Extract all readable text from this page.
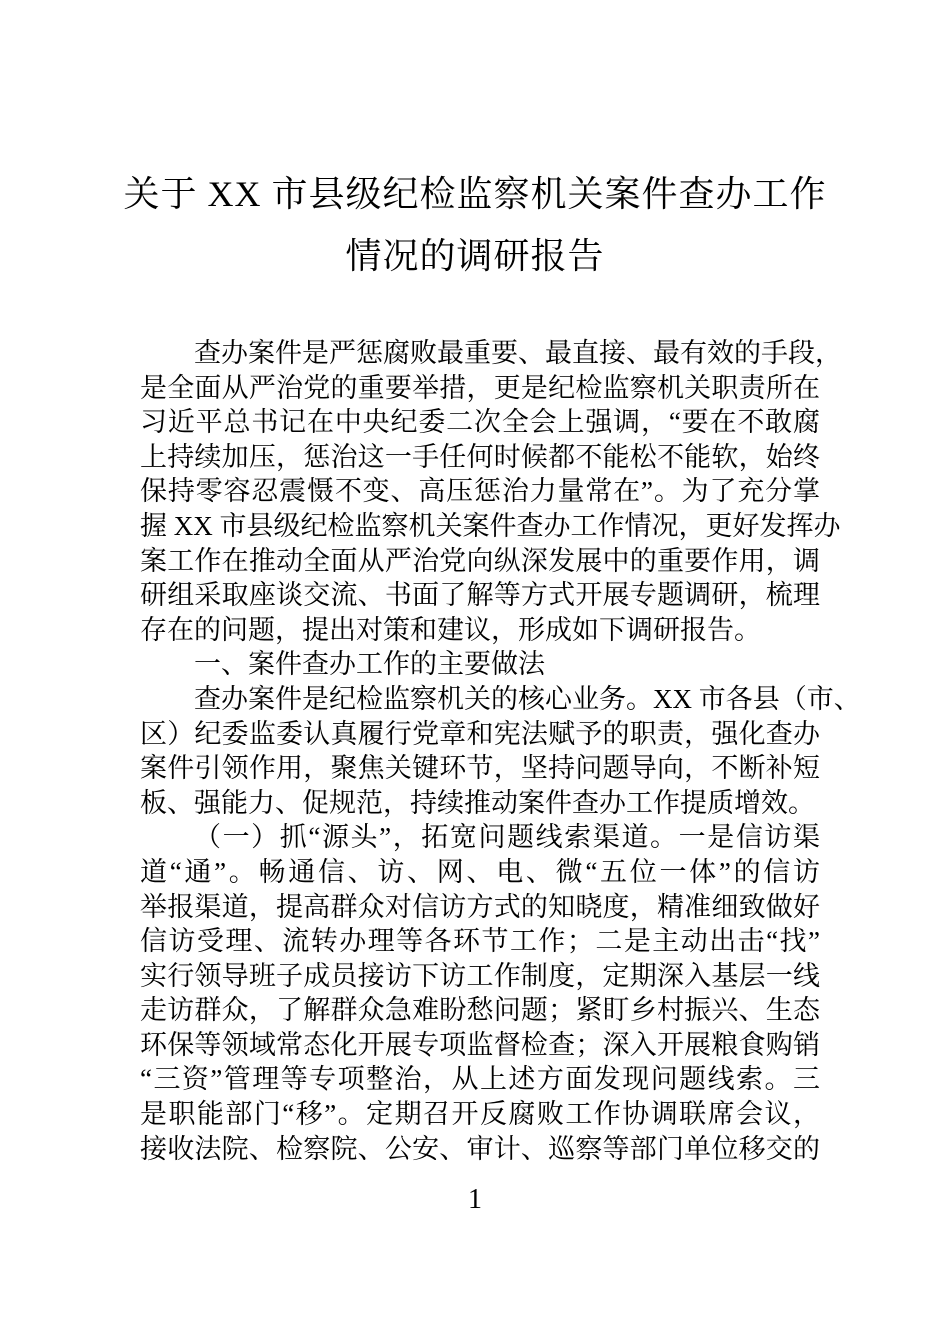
关于 XX 市县级纪检监察机关案件查办工作
情况的调研报告
查办案件是严惩腐败最重要、最直接、最有效的手段，
是全面从严治党的重要举措，更是纪检监察机关职责所在
习近平总书记在中央纪委二次全会上强调，“要在不敢腐
上持续加压，惩治这一手任何时候都不能松不能软，始终
保持零容忍震慑不变、高压惩治力量常在”。为了充分掌
握 XX 市县级纪检监察机关案件查办工作情况，更好发挥办
案工作在推动全面从严治党向纵深发展中的重要作用，调
研组采取座谈交流、书面了解等方式开展专题调研，梳理
存在的问题，提出对策和建议，形成如下调研报告。
一、案件查办工作的主要做法
查办案件是纪检监察机关的核心业务。XX 市各县（市、
区）纪委监委认真履行党章和宪法赋予的职责，强化查办
案件引领作用，聚焦关键环节，坚持问题导向，不断补短
板、强能力、促规范，持续推动案件查办工作提质增效。
（一）抓“源头”，拓宽问题线索渠道。一是信访渠
道“通”。畅通信、访、网、电、微“五位一体”的信访
举报渠道，提高群众对信访方式的知晓度，精准细致做好
信访受理、流转办理等各环节工作；二是主动出击“找”
实行领导班子成员接访下访工作制度，定期深入基层一线
走访群众，了解群众急难盼愁问题；紧盯乡村振兴、生态
环保等领域常态化开展专项监督检查；深入开展粮食购销
“三资”管理等专项整治，从上述方面发现问题线索。三
是职能部门“移”。定期召开反腐败工作协调联席会议，
接收法院、检察院、公安、审计、巡察等部门单位移交的
1
